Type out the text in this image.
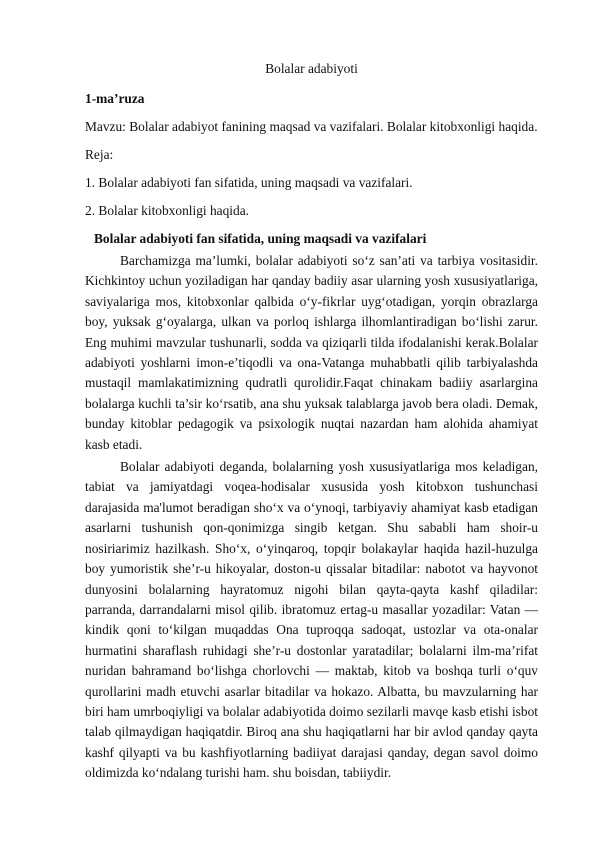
Bolalar adabiyoti
1-ma’ruza
Mavzu: Bolalar adabiyot fanining maqsad va vazifalari. Bolalar kitobxonligi haqida.
Reja:
1. Bolalar adabiyoti fan sifatida, uning maqsadi va vazifalari.
2. Bolalar kitobxonligi haqida.
Bolalar adabiyoti fan sifatida, uning maqsadi va vazifalari

Barchamizga ma’lumki, bolalar adabiyoti so‘z san’ati va tarbiya vositasidir. Kichkintoy uchun yoziladigan har qanday badiiy asar ularning yosh xususiyatlariga, saviyalariga mos, kitobxonlar qalbida o‘y-fikrlar uyg‘otadigan, yorqin obrazlarga boy, yuksak g‘oyalarga, ulkan va porloq ishlarga ilhomlantiradigan bo‘lishi zarur. Eng muhimi mavzular tushunarli, sodda va qiziqarli tilda ifodalanishi kerak.Bolalar adabiyoti yoshlarni imon-e’tiqodli va ona-Vatanga muhabbatli qilib tarbiyalashda mustaqil mamlakatimizning qudratli qurolidir.Faqat chinakam badiiy asarlargina bolalarga kuchli ta’sir ko‘rsatib, ana shu yuksak talablarga javob bera oladi. Demak, bunday kitoblar pedagogik va psixologik nuqtai nazardan ham alohida ahamiyat kasb etadi.

Bolalar adabiyoti deganda, bolalarning yosh xususiyatlariga mos keladigan, tabiat va jamiyatdagi voqea-hodisalar xususida yosh kitobxon tushunchasi darajasida ma'lumot beradigan sho‘x va o‘ynoqi, tarbiyaviy ahamiyat kasb etadigan asarlarni tushunish qon-qonimizga singib ketgan. Shu sababli ham shoir-u nosiriarimiz hazilkash. Sho‘x, o‘yinqaroq, topqir bolakaylar haqida hazil-huzulga boy yumoristik she’r-u hikoyalar, doston-u qissalar bitadilar: nabotot va hayvonot dunyosini bolalarning hayratomuz nigohi bilan qayta-qayta kashf qiladilar: parranda, darrandalarni misol qilib. ibratomuz ertag-u masallar yozadilar: Vatan — kindik qoni to‘kilgan muqaddas Ona tuproqqa sadoqat, ustozlar va ota-onalar hurmatini sharaflash ruhidagi she’r-u dostonlar yaratadilar; bolalarni ilm-ma’rifat nuridan bahramand bo‘lishga chorlovchi — maktab, kitob va boshqa turli o‘quv qurollarini madh etuvchi asarlar bitadilar va hokazo. Albatta, bu mavzularning har biri ham umrboqiyligi va bolalar adabiyotida doimo sezilarli mavqe kasb etishi isbot talab qilmaydigan haqiqatdir. Biroq ana shu haqiqatlarni har bir avlod qanday qayta kashf qilyapti va bu kashfiyotlarning badiiyat darajasi qanday, degan savol doimo oldimizda ko‘ndalang turishi ham. shu boisdan, tabiiydir.
